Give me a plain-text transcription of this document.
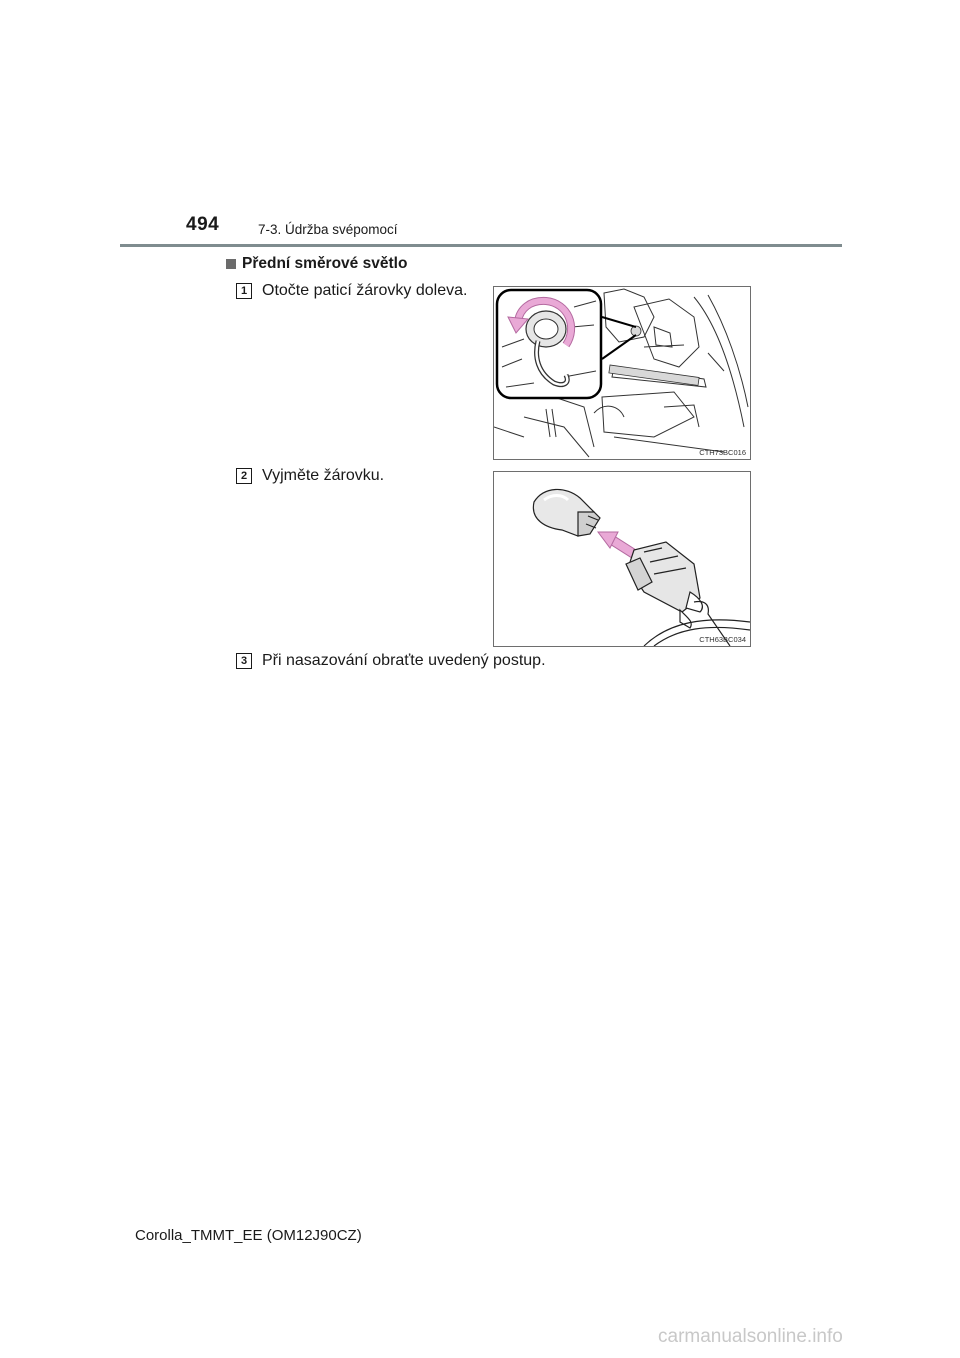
494	7-3. Údržba svépomocí
Přední směrové světlo
1 Otočte paticí žárovky doleva.
CTH73BC016
2 Vyjměte žárovku.
CTH63BC034
3 Při nasazování obraťte uvedený postup.
Corolla_TMMT_EE (OM12J90CZ)
carmanualsonline.info
